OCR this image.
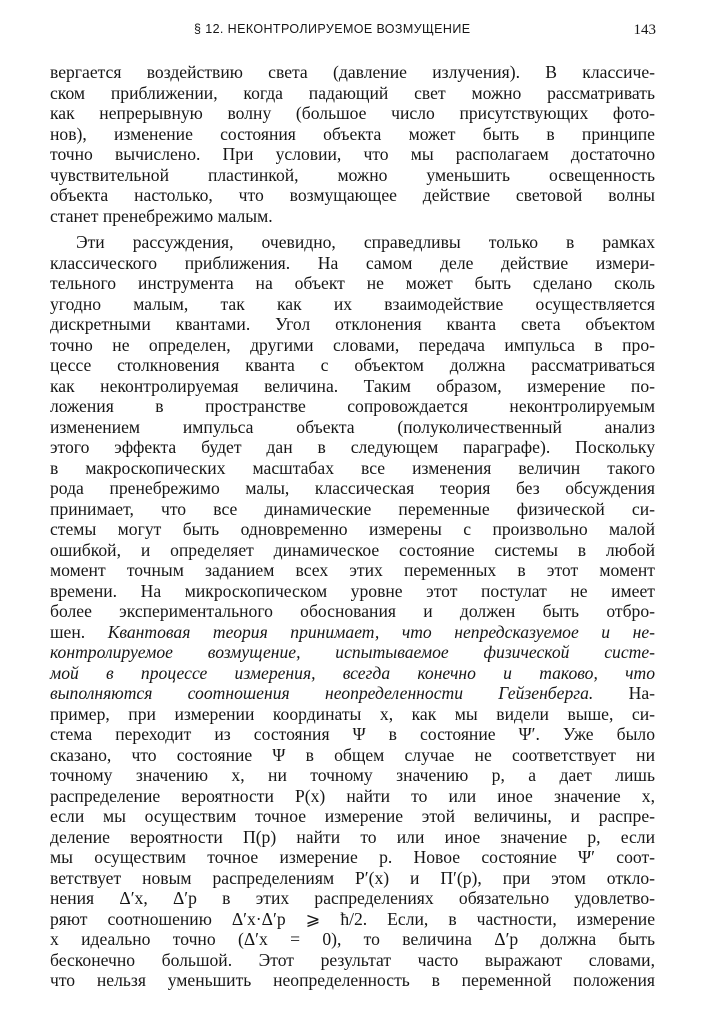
§ 12. НЕКОНТРОЛИРУЕМОЕ ВОЗМУЩЕНИЕ	143
вергается воздействию света (давление излучения). В классиче-
ском приближении, когда падающий свет можно рассматривать
как непрерывную волну (большое число присутствующих фото-
нов), изменение состояния объекта может быть в принципе
точно вычислено. При условии, что мы располагаем достаточно
чувствительной пластинкой, можно уменьшить освещенность
объекта настолько, что возмущающее действие световой волны
станет пренебрежимо малым.
Эти рассуждения, очевидно, справедливы только в рамках
классического приближения. На самом деле действие измери-
тельного инструмента на объект не может быть сделано сколь
угодно малым, так как их взаимодействие осуществляется
дискретными квантами. Угол отклонения кванта света объектом
точно не определен, другими словами, передача импульса в про-
цессе столкновения кванта с объектом должна рассматриваться
как неконтролируемая величина. Таким образом, измерение по-
ложения в пространстве сопровождается неконтролируемым
изменением импульса объекта (полуколичественный анализ
этого эффекта будет дан в следующем параграфе). Поскольку
в макроскопических масштабах все изменения величин такого
рода пренебрежимо малы, классическая теория без обсуждения
принимает, что все динамические переменные физической си-
стемы могут быть одновременно измерены с произвольно малой
ошибкой, и определяет динамическое состояние системы в любой
момент точным заданием всех этих переменных в этот момент
времени. На микроскопическом уровне этот постулат не имеет
более экспериментального обоснования и должен быть отбро-
шен. Квантовая теория принимает, что непредсказуемое и не-
контролируемое возмущение, испытываемое физической систе-
мой в процессе измерения, всегда конечно и таково, что
выполняются соотношения неопределенности Гейзенберга. На-
пример, при измерении координаты x, как мы видели выше, си-
стема переходит из состояния Ψ в состояние Ψ′. Уже было
сказано, что состояние Ψ в общем случае не соответствует ни
точному значению x, ни точному значению p, а дает лишь
распределение вероятности P(x) найти то или иное значение x,
если мы осуществим точное измерение этой величины, и распре-
деление вероятности Π(p) найти то или иное значение p, если
мы осуществим точное измерение p. Новое состояние Ψ′ соот-
ветствует новым распределениям P′(x) и Π′(p), при этом откло-
нения Δ′x, Δ′p в этих распределениях обязательно удовлетво-
ряют соотношению Δ′x·Δ′p ⩾ ħ/2. Если, в частности, измерение
x идеально точно (Δ′x = 0), то величина Δ′p должна быть
бесконечно большой. Этот результат часто выражают словами,
что нельзя уменьшить неопределенность в переменной положения
